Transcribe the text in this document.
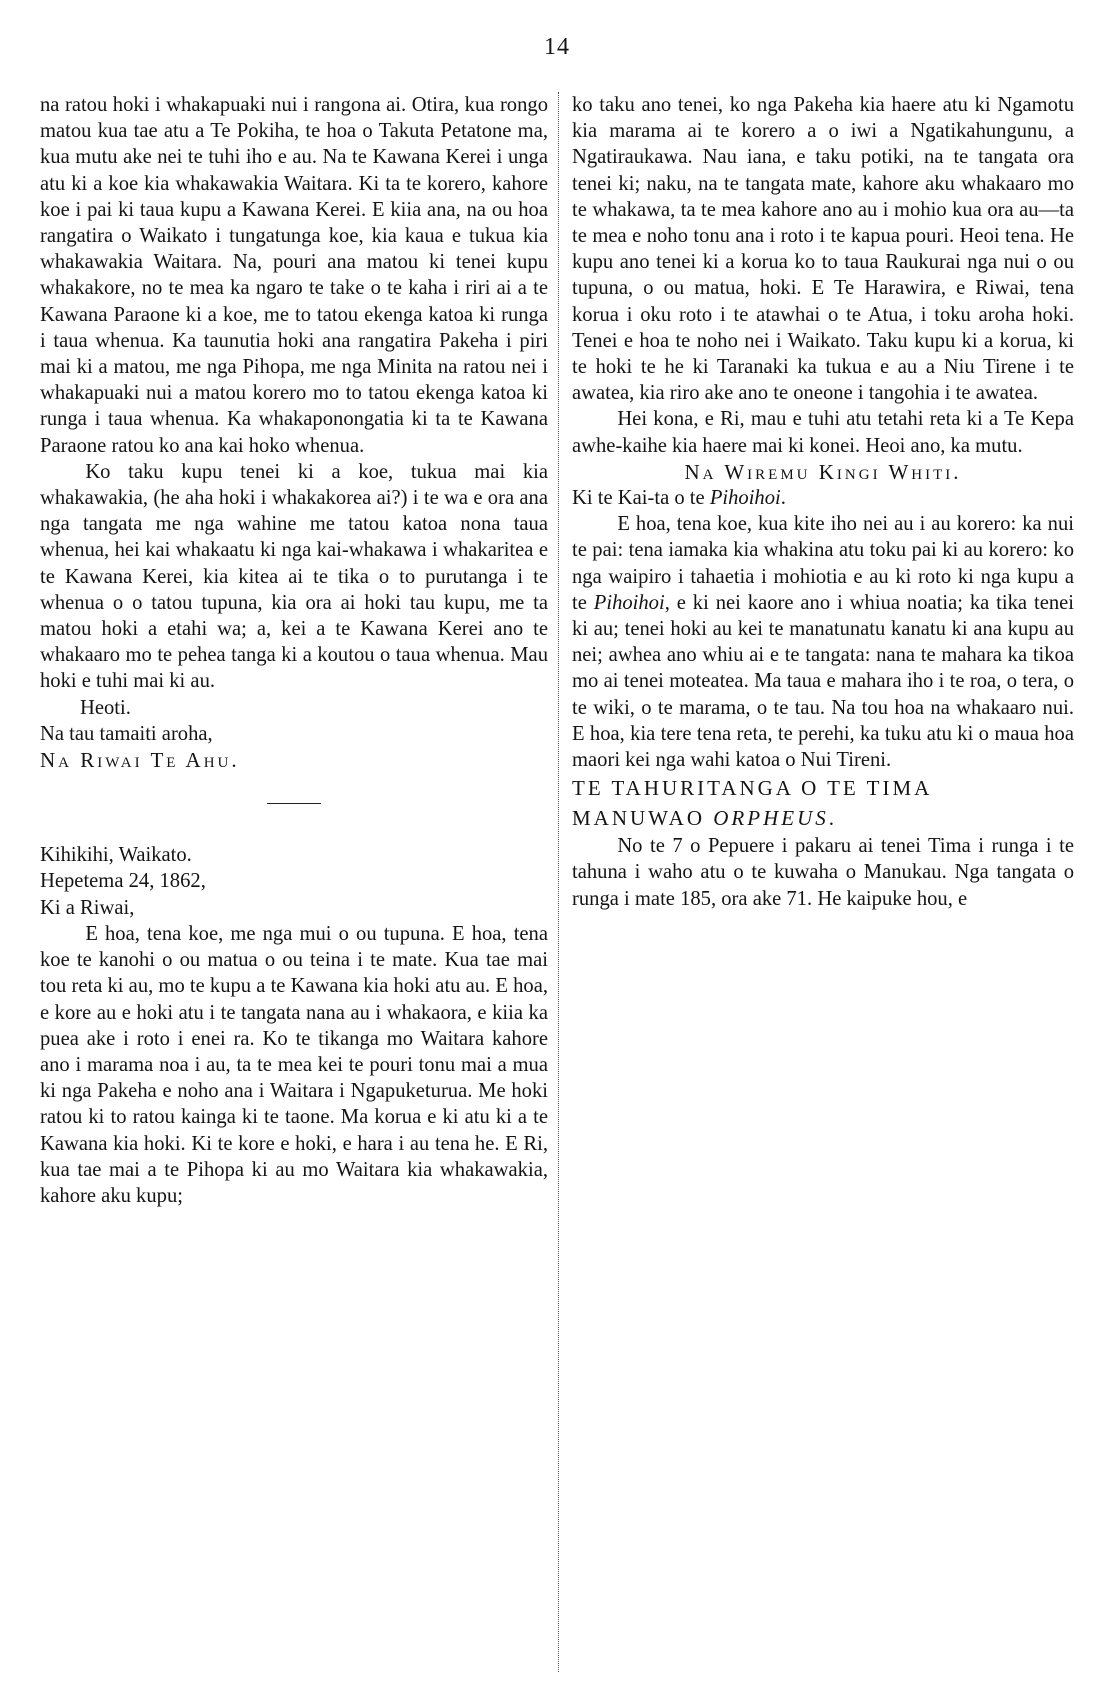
14

na ratou hoki i whakapuaki nui i rangona ai. Otira, kua rongo matou kua tae atu a Te Pokiha, te hoa o Takuta Petatone ma, kua mutu ake nei te tuhi iho e au. Na te Kawana Kerei i unga atu ki a koe kia whakawakia Waitara. Ki ta te korero, kahore koe i pai ki taua kupu a Kawana Kerei. E kiia ana, na ou hoa rangatira o Waikato i tungatunga koe, kia kaua e tukua kia whakawakia Waitara. Na, pouri ana matou ki tenei kupu whakakore, no te mea ka ngaro te take o te kaha i riri ai a te Kawana Paraone ki a koe, me to tatou ekenga katoa ki runga i taua whenua. Ka taunutia hoki ana rangatira Pakeha i piri mai ki a matou, me nga Pihopa, me nga Minita na ratou nei i whakapuaki nui a matou korero mo to tatou ekenga katoa ki runga i taua whenua. Ka whakaponongatia ki ta te Kawana Paraone ratou ko ana kai hoko whenua.

Ko taku kupu tenei ki a koe, tukua mai kia whakawakia, (he aha hoki i whakakorea ai?) i te wa e ora ana nga tangata me nga wahine me tatou katoa nona taua whenua, hei kai whakaatu ki nga kai-whakawa i whakaritea e te Kawana Kerei, kia kitea ai te tika o to purutanga i te whenua o o tatou tupuna, kia ora ai hoki tau kupu, me ta matou hoki a etahi wa; a, kei a te Kawana Kerei ano te whakaaro mo te pehea tanga ki a koutou o taua whenua. Mau hoki e tuhi mai ki au.

Heoti.

Na tau tamaiti aroha,

Na Riwai Te Ahu.

Kihikihi, Waikato.

Hepetema 24, 1862,

Ki a Riwai,

E hoa, tena koe, me nga mui o ou tupuna. E hoa, tena koe te kanohi o ou matua o ou teina i te mate. Kua tae mai tou reta ki au, mo te kupu a te Kawana kia hoki atu au. E hoa, e kore au e hoki atu i te tangata nana au i whakaora, e kiia ka puea ake i roto i enei ra. Ko te tikanga mo Waitara kahore ano i marama noa i au, ta te mea kei te pouri tonu mai a mua ki nga Pakeha e noho ana i Waitara i Ngapuketurua. Me hoki ratou ki to ratou kainga ki te taone. Ma koruа e ki atu ki a te Kawana kia hoki. Ki te kore e hoki, e hara i au tena he. E Ri, kua tae mai a te Pihopa ki au mo Waitara kia whakawakia, kahore aku kupu;

ko taku ano tenei, ko nga Pakeha kia haere atu ki Ngamotu kia marama ai te korero a o iwi a Ngatikahungunu, a Ngatiraukawa. Nau iana, e taku potiki, na te tangata ora tenei ki; naku, na te tangata mate, kahore aku whakaaro mo te whakawa, ta te mea kahore ano au i mohio kua ora au—ta te mea e noho tonu ana i roto i te kapua pouri. Heoi tena. He kupu ano tenei ki a korua ko to taua Raukurai nga nui o ou tupuna, o ou matua, hoki. E Te Harawira, e Riwai, tena korua i oku roto i te atawhai o te Atua, i toku aroha hoki. Tenei e hoa te noho nei i Waikato. Taku kupu ki a korua, ki te hoki te he ki Taranaki ka tukua e au a Niu Tirene i te awatea, kia riro ake ano te oneone i tangohia i te awatea.

Hei kona, e Ri, mau e tuhi atu tetahi reta ki a Te Kepa awhe-kaihe kia haere mai ki konei. Heoi ano, ka mutu.

Na Wiremu Kingi Whiti.

Ki te Kai-ta o te Pihoihoi.

E hoa, tena koe, kua kite iho nei au i au korero: ka nui te pai: tena iamaka kia whakina atu toku pai ki au korero: ko nga waipiro i tahaetia i mohiotia e au ki roto ki nga kupu a te Pihoihoi, e ki nei kaore ano i whiua noatia; ka tika tenei ki au; tenei hoki au kei te manatunatu kanatu ki ana kupu au nei; awhea ano whiu ai e te tangata: nana te mahara ka tikoa mo ai tenei moteatea. Ma taua e mahara iho i te roa, o tera, o te wiki, o te marama, o te tau. Na tou hoa na whakaaro nui. E hoa, kia tere tena reta, te perehi, ka tuku atu ki o maua hoa maori kei nga wahi katoa o Nui Tireni.

TE TAHURITANGA O TE TIMA
MANUWAO ORPHEUS.

No te 7 o Pepuere i pakaru ai tenei Tima i runga i te tahuna i waho atu o te kuwaha o Manukau. Nga tangata o runga i mate 185, ora ake 71. He kaipuke hou, e
